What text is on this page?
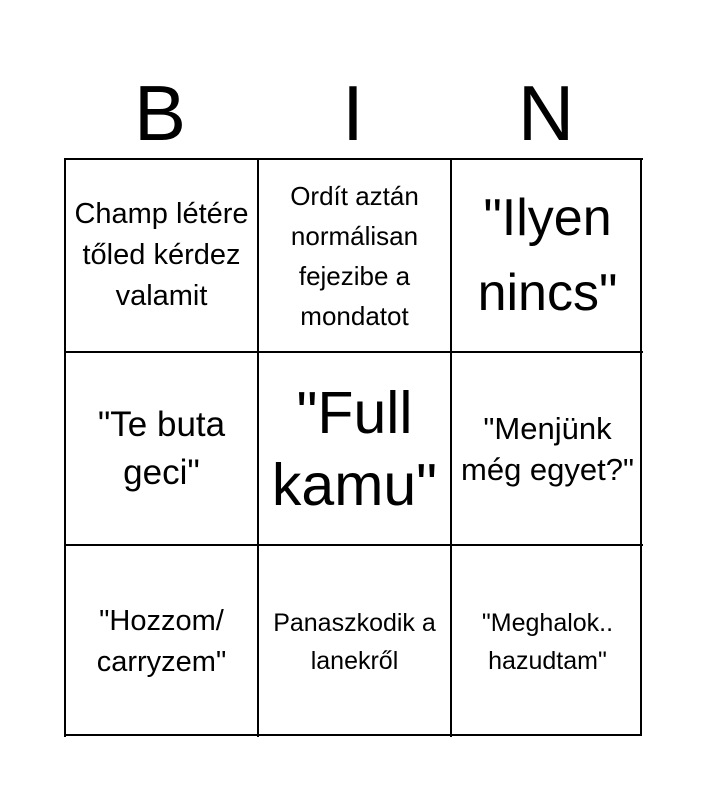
B	I	N
Champ létére tőled kérdez valamit
Ordít aztán normálisan fejezibe a mondatot
"Ilyen nincs"
"Te buta geci"
"Full kamu"
"Menjünk még egyet?"
"Hozzom/ carryzem"
Panaszkodik a lanekről
"Meghalok.. hazudtam"
